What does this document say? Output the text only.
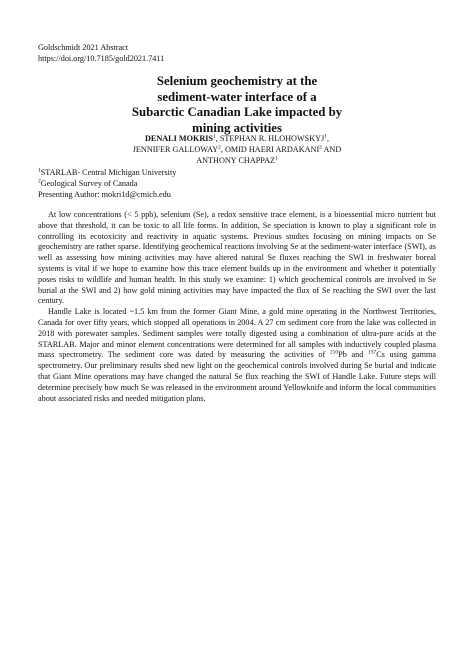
Goldschmidt 2021 Abstract
https://doi.org/10.7185/gold2021.7411
Selenium geochemistry at the
sediment-water interface of a
Subarctic Canadian Lake impacted by
mining activities
DENALI MOKRIS$^1$, STEPHAN R. HLOHOWSKYJ$^1$,
JENNIFER GALLOWAY$^2$, OMID HAERI ARDAKANI$^2$ AND
ANTHONY CHAPPAZ$^1$
$^1$STARLAB- Central Michigan University
$^2$Geological Survey of Canada
Presenting Author: mokri1d@cmich.edu

At low concentrations (< 5 ppb), selenium (Se), a redox sensitive trace element, is a bioessential micro nutrient but above that threshold, it can be toxic to all life forms. In addition, Se speciation is known to play a significant role in controlling its ecotoxicity and reactivity in aquatic systems. Previous studies focusing on mining impacts on Se geochemistry are rather sparse. Identifying geochemical reactions involving Se at the sediment-water interface (SWI), as well as assessing how mining activities may have altered natural Se fluxes reaching the SWI in freshwater boreal systems is vital if we hope to examine how this trace element builds up in the environment and whether it potentially poses risks to wildlife and human health. In this study we examine: 1) which geochemical controls are involved in Se burial at the SWI and 2) how gold mining activities may have impacted the flux of Se reaching the SWI over the last century.

Handle Lake is located ~1.5 km from the former Giant Mine, a gold mine operating in the Northwest Territories, Canada for over fifty years, which stopped all operations in 2004. A 27 cm sediment core from the lake was collected in 2018 with porewater samples. Sediment samples were totally digested using a combination of ultra-pure acids at the STARLAB. Major and minor element concentrations were determined for all samples with inductively coupled plasma mass spectrometry. The sediment core was dated by measuring the activities of $^{210}$Pb and $^{137}$Cs using gamma spectrometry. Our preliminary results shed new light on the geochemical controls involved during Se burial and indicate that Giant Mine operations may have changed the natural Se flux reaching the SWI of Handle Lake. Future steps will determine precisely how much Se was released in the environment around Yellowknife and inform the local communities about associated risks and needed mitigation plans.
